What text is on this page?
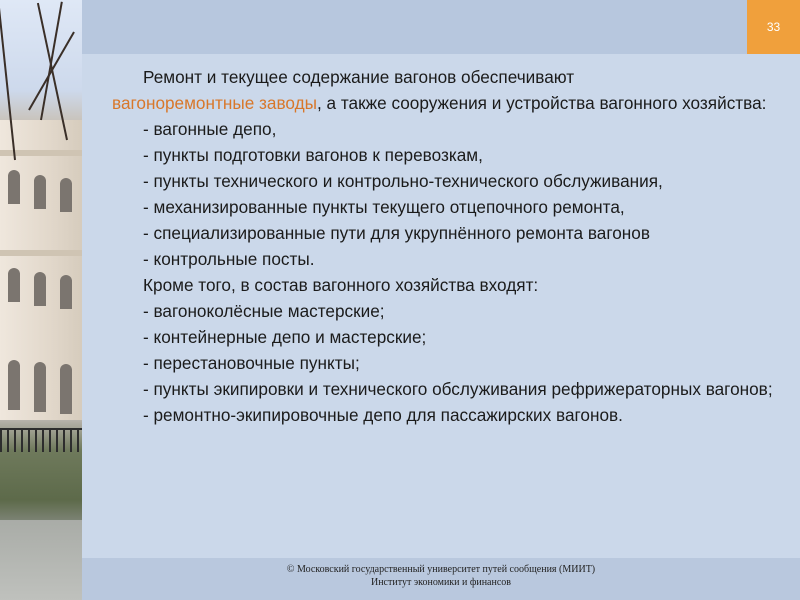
33

Ремонт и текущее содержание вагонов обеспечивают
вагоноремонтные заводы, а также сооружения и устройства вагонного хозяйства:

- вагонные депо,

- пункты подготовки вагонов к перевозкам,

- пункты технического и контрольно-технического обслуживания,

- механизированные пункты текущего отцепочного ремонта,

- специализированные пути для укрупнённого ремонта вагонов

- контрольные посты.

Кроме того, в состав вагонного хозяйства входят:

- вагоноколёсные мастерские;

- контейнерные депо и мастерские;

- перестановочные пункты;

- пункты экипировки и технического обслуживания рефрижераторных вагонов;

- ремонтно-экипировочные депо для пассажирских вагонов.

© Московский государственный университет путей сообщения (МИИТ)
Институт экономики и финансов
